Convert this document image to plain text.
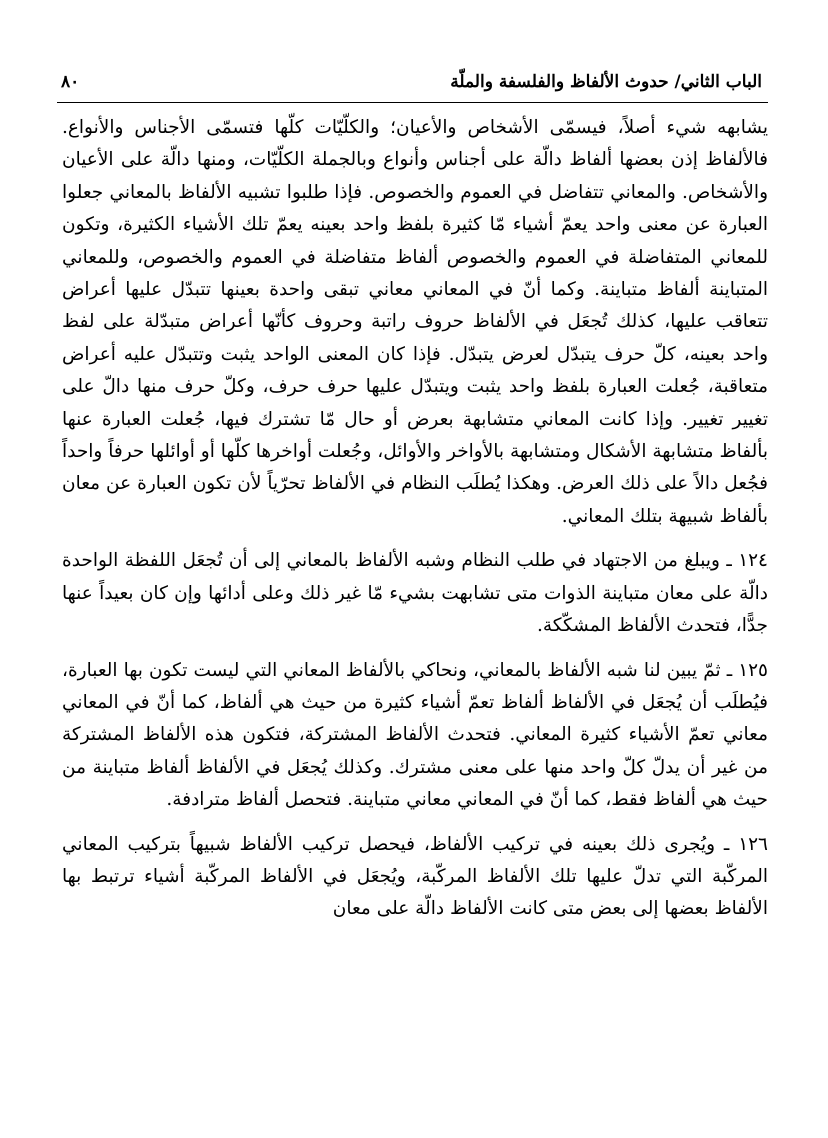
الباب الثاني/ حدوث الألفاظ والفلسفة والملّة
٨٠

يشابهه شيء أصلاً، فيسمّى الأشخاص والأعيان؛ والكلّيّات كلّها فتسمّى الأجناس والأنواع. فالألفاظ إذن بعضها ألفاظ دالّة على أجناس وأنواع وبالجملة الكلّيّات، ومنها دالّة على الأعيان والأشخاص. والمعاني تتفاضل في العموم والخصوص. فإذا طلبوا تشبيه الألفاظ بالمعاني جعلوا العبارة عن معنى واحد يعمّ أشياء مّا كثيرة بلفظ واحد بعينه يعمّ تلك الأشياء الكثيرة، وتكون للمعاني المتفاضلة في العموم والخصوص ألفاظ متفاضلة في العموم والخصوص، وللمعاني المتباينة ألفاظ متباينة. وكما أنّ في المعاني معاني تبقى واحدة بعينها تتبدّل عليها أعراض تتعاقب عليها، كذلك تُجعَل في الألفاظ حروف راتبة وحروف كأنّها أعراض متبدّلة على لفظ واحد بعينه، كلّ حرف يتبدّل لعرض يتبدّل. فإذا كان المعنى الواحد يثبت وتتبدّل عليه أعراض متعاقبة، جُعلت العبارة بلفظ واحد يثبت ويتبدّل عليها حرف حرف، وكلّ حرف منها دالّ على تغيير تغيير. وإذا كانت المعاني متشابهة بعرض أو حال مّا تشترك فيها، جُعلت العبارة عنها بألفاظ متشابهة الأشكال ومتشابهة بالأواخر والأوائل، وجُعلت أواخرها كلّها أو أوائلها حرفاً واحداً فجُعل دالاً على ذلك العرض. وهكذا يُطلَب النظام في الألفاظ تحرّياً لأن تكون العبارة عن معان بألفاظ شبيهة بتلك المعاني.

١٢٤ ـ ويبلغ من الاجتهاد في طلب النظام وشبه الألفاظ بالمعاني إلى أن تُجعَل اللفظة الواحدة دالّة على معان متباينة الذوات متى تشابهت بشيء مّا غير ذلك وعلى أدائها وإن كان بعيداً عنها جدًّا، فتحدث الألفاظ المشكّكة.

١٢٥ ـ ثمّ يبين لنا شبه الألفاظ بالمعاني، ونحاكي بالألفاظ المعاني التي ليست تكون بها العبارة، فيُطلَب أن يُجعَل في الألفاظ ألفاظ تعمّ أشياء كثيرة من حيث هي ألفاظ، كما أنّ في المعاني معاني تعمّ الأشياء كثيرة المعاني. فتحدث الألفاظ المشتركة، فتكون هذه الألفاظ المشتركة من غير أن يدلّ كلّ واحد منها على معنى مشترك. وكذلك يُجعَل في الألفاظ ألفاظ متباينة من حيث هي ألفاظ فقط، كما أنّ في المعاني معاني متباينة. فتحصل ألفاظ مترادفة.

١٢٦ ـ ويُجرى ذلك بعينه في تركيب الألفاظ، فيحصل تركيب الألفاظ شبيهاً بتركيب المعاني المركّبة التي تدلّ عليها تلك الألفاظ المركّبة، ويُجعَل في الألفاظ المركّبة أشياء ترتبط بها الألفاظ بعضها إلى بعض متى كانت الألفاظ دالّة على معان
